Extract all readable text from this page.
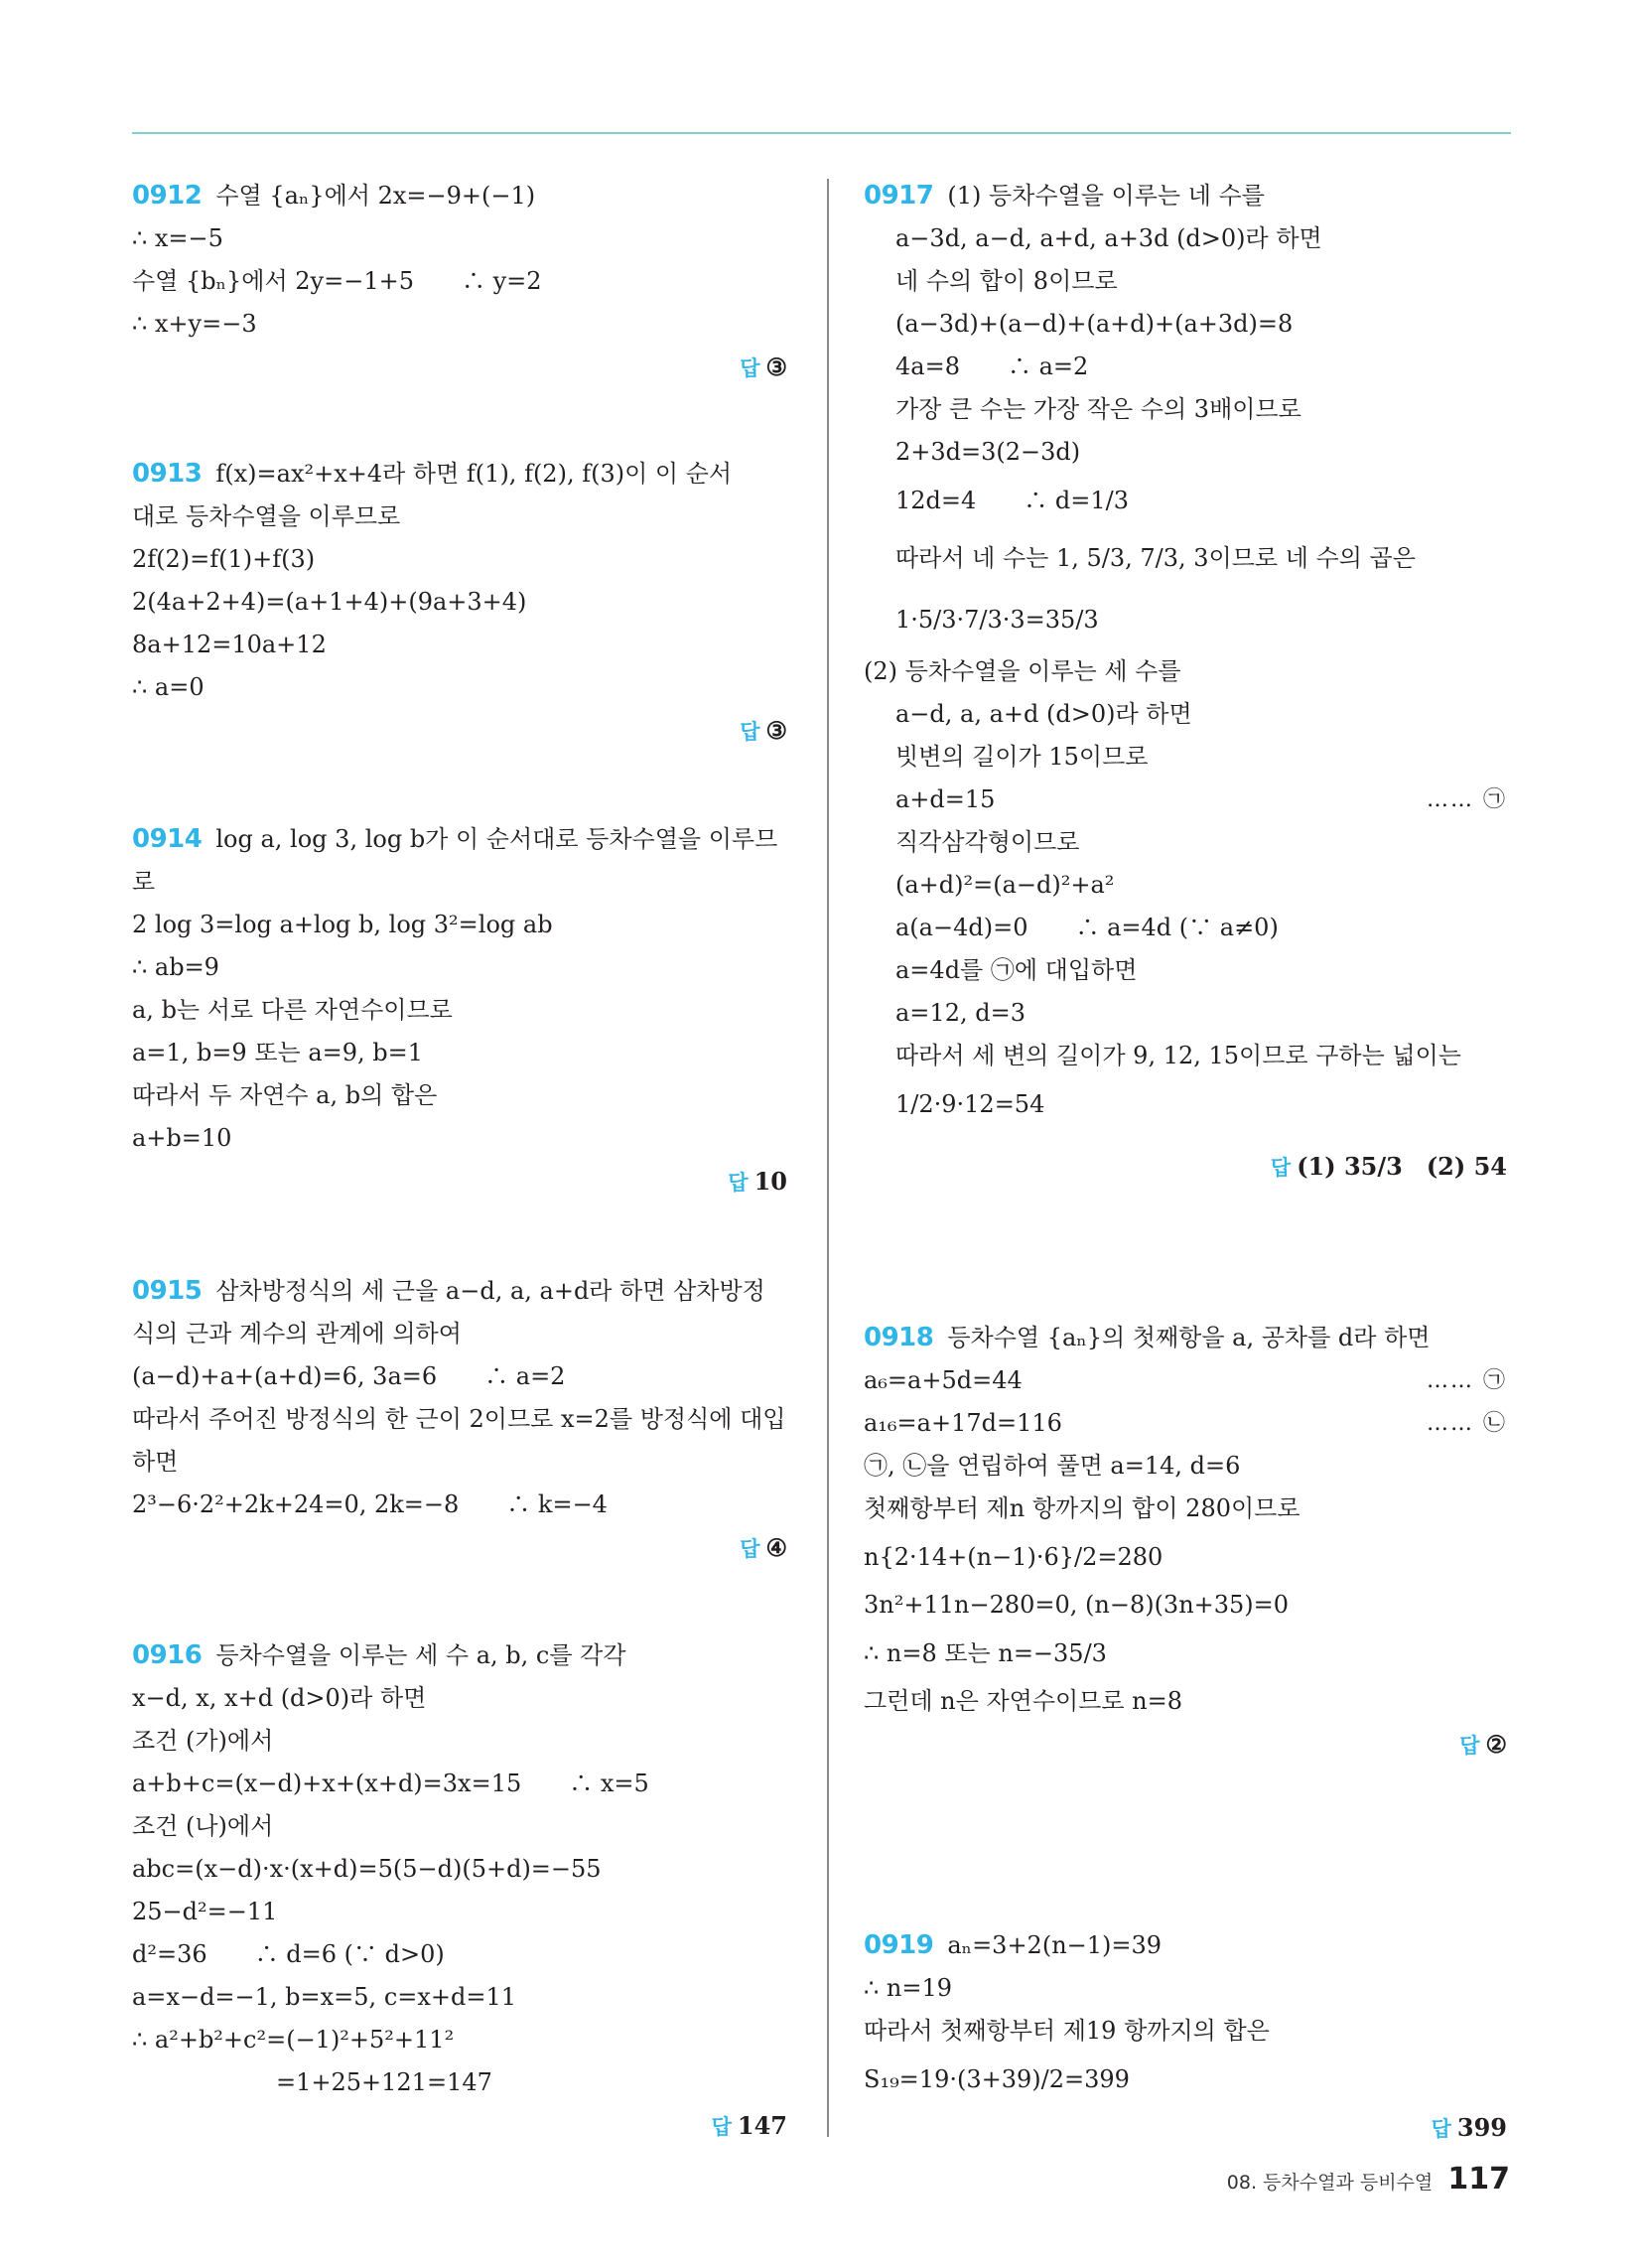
0912 수열 {aₙ}에서 2x=−9+(−1)
∴ x=−5
수열 {bₙ}에서 2y=−1+5　　∴ y=2
∴ x+y=−3
답 ③
0913 f(x)=ax²+x+4라 하면 f(1), f(2), f(3)이 이 순서
대로 등차수열을 이루므로
2f(2)=f(1)+f(3)
2(4a+2+4)=(a+1+4)+(9a+3+4)
8a+12=10a+12
∴ a=0
답 ③
0914 log a, log 3, log b가 이 순서대로 등차수열을 이루므
로
2 log 3=log a+log b, log 3²=log ab
∴ ab=9
a, b는 서로 다른 자연수이므로
a=1, b=9 또는 a=9, b=1
따라서 두 자연수 a, b의 합은
a+b=10
답 10
0915 삼차방정식의 세 근을 a−d, a, a+d라 하면 삼차방정
식의 근과 계수의 관계에 의하여
(a−d)+a+(a+d)=6, 3a=6　　∴ a=2
따라서 주어진 방정식의 한 근이 2이므로 x=2를 방정식에 대입
하면
2³−6·2²+2k+24=0, 2k=−8　　∴ k=−4
답 ④
0916 등차수열을 이루는 세 수 a, b, c를 각각
x−d, x, x+d (d>0)라 하면
조건 (가)에서
a+b+c=(x−d)+x+(x+d)=3x=15　　∴ x=5
조건 (나)에서
abc=(x−d)·x·(x+d)=5(5−d)(5+d)=−55
25−d²=−11
d²=36　　∴ d=6 (∵ d>0)
a=x−d=−1, b=x=5, c=x+d=11
∴ a²+b²+c²=(−1)²+5²+11²
=1+25+121=147
답 147
0917 (1) 등차수열을 이루는 네 수를
a−3d, a−d, a+d, a+3d (d>0)라 하면
네 수의 합이 8이므로
(a−3d)+(a−d)+(a+d)+(a+3d)=8
4a=8　　∴ a=2
가장 큰 수는 가장 작은 수의 3배이므로
2+3d=3(2−3d)
12d=4　　∴ d=1/3
따라서 네 수는 1, 5/3, 7/3, 3이므로 네 수의 곱은
1·5/3·7/3·3=35/3
(2) 등차수열을 이루는 세 수를
a−d, a, a+d (d>0)라 하면
빗변의 길이가 15이므로
a+d=15	…… ㉠
직각삼각형이므로
(a+d)²=(a−d)²+a²
a(a−4d)=0　　∴ a=4d (∵ a≠0)
a=4d를 ㉠에 대입하면
a=12, d=3
따라서 세 변의 길이가 9, 12, 15이므로 구하는 넓이는
1/2·9·12=54
답 (1) 35/3　(2) 54
0918 등차수열 {aₙ}의 첫째항을 a, 공차를 d라 하면
a₆=a+5d=44	…… ㉠
a₁₆=a+17d=116	…… ㉡
㉠, ㉡을 연립하여 풀면 a=14, d=6
첫째항부터 제n 항까지의 합이 280이므로
n{2·14+(n−1)·6}/2=280
3n²+11n−280=0, (n−8)(3n+35)=0
∴ n=8 또는 n=−35/3
그런데 n은 자연수이므로 n=8
답 ②
0919 aₙ=3+2(n−1)=39
∴ n=19
따라서 첫째항부터 제19 항까지의 합은
S₁₉=19·(3+39)/2=399
답 399
08. 등차수열과 등비수열 117
